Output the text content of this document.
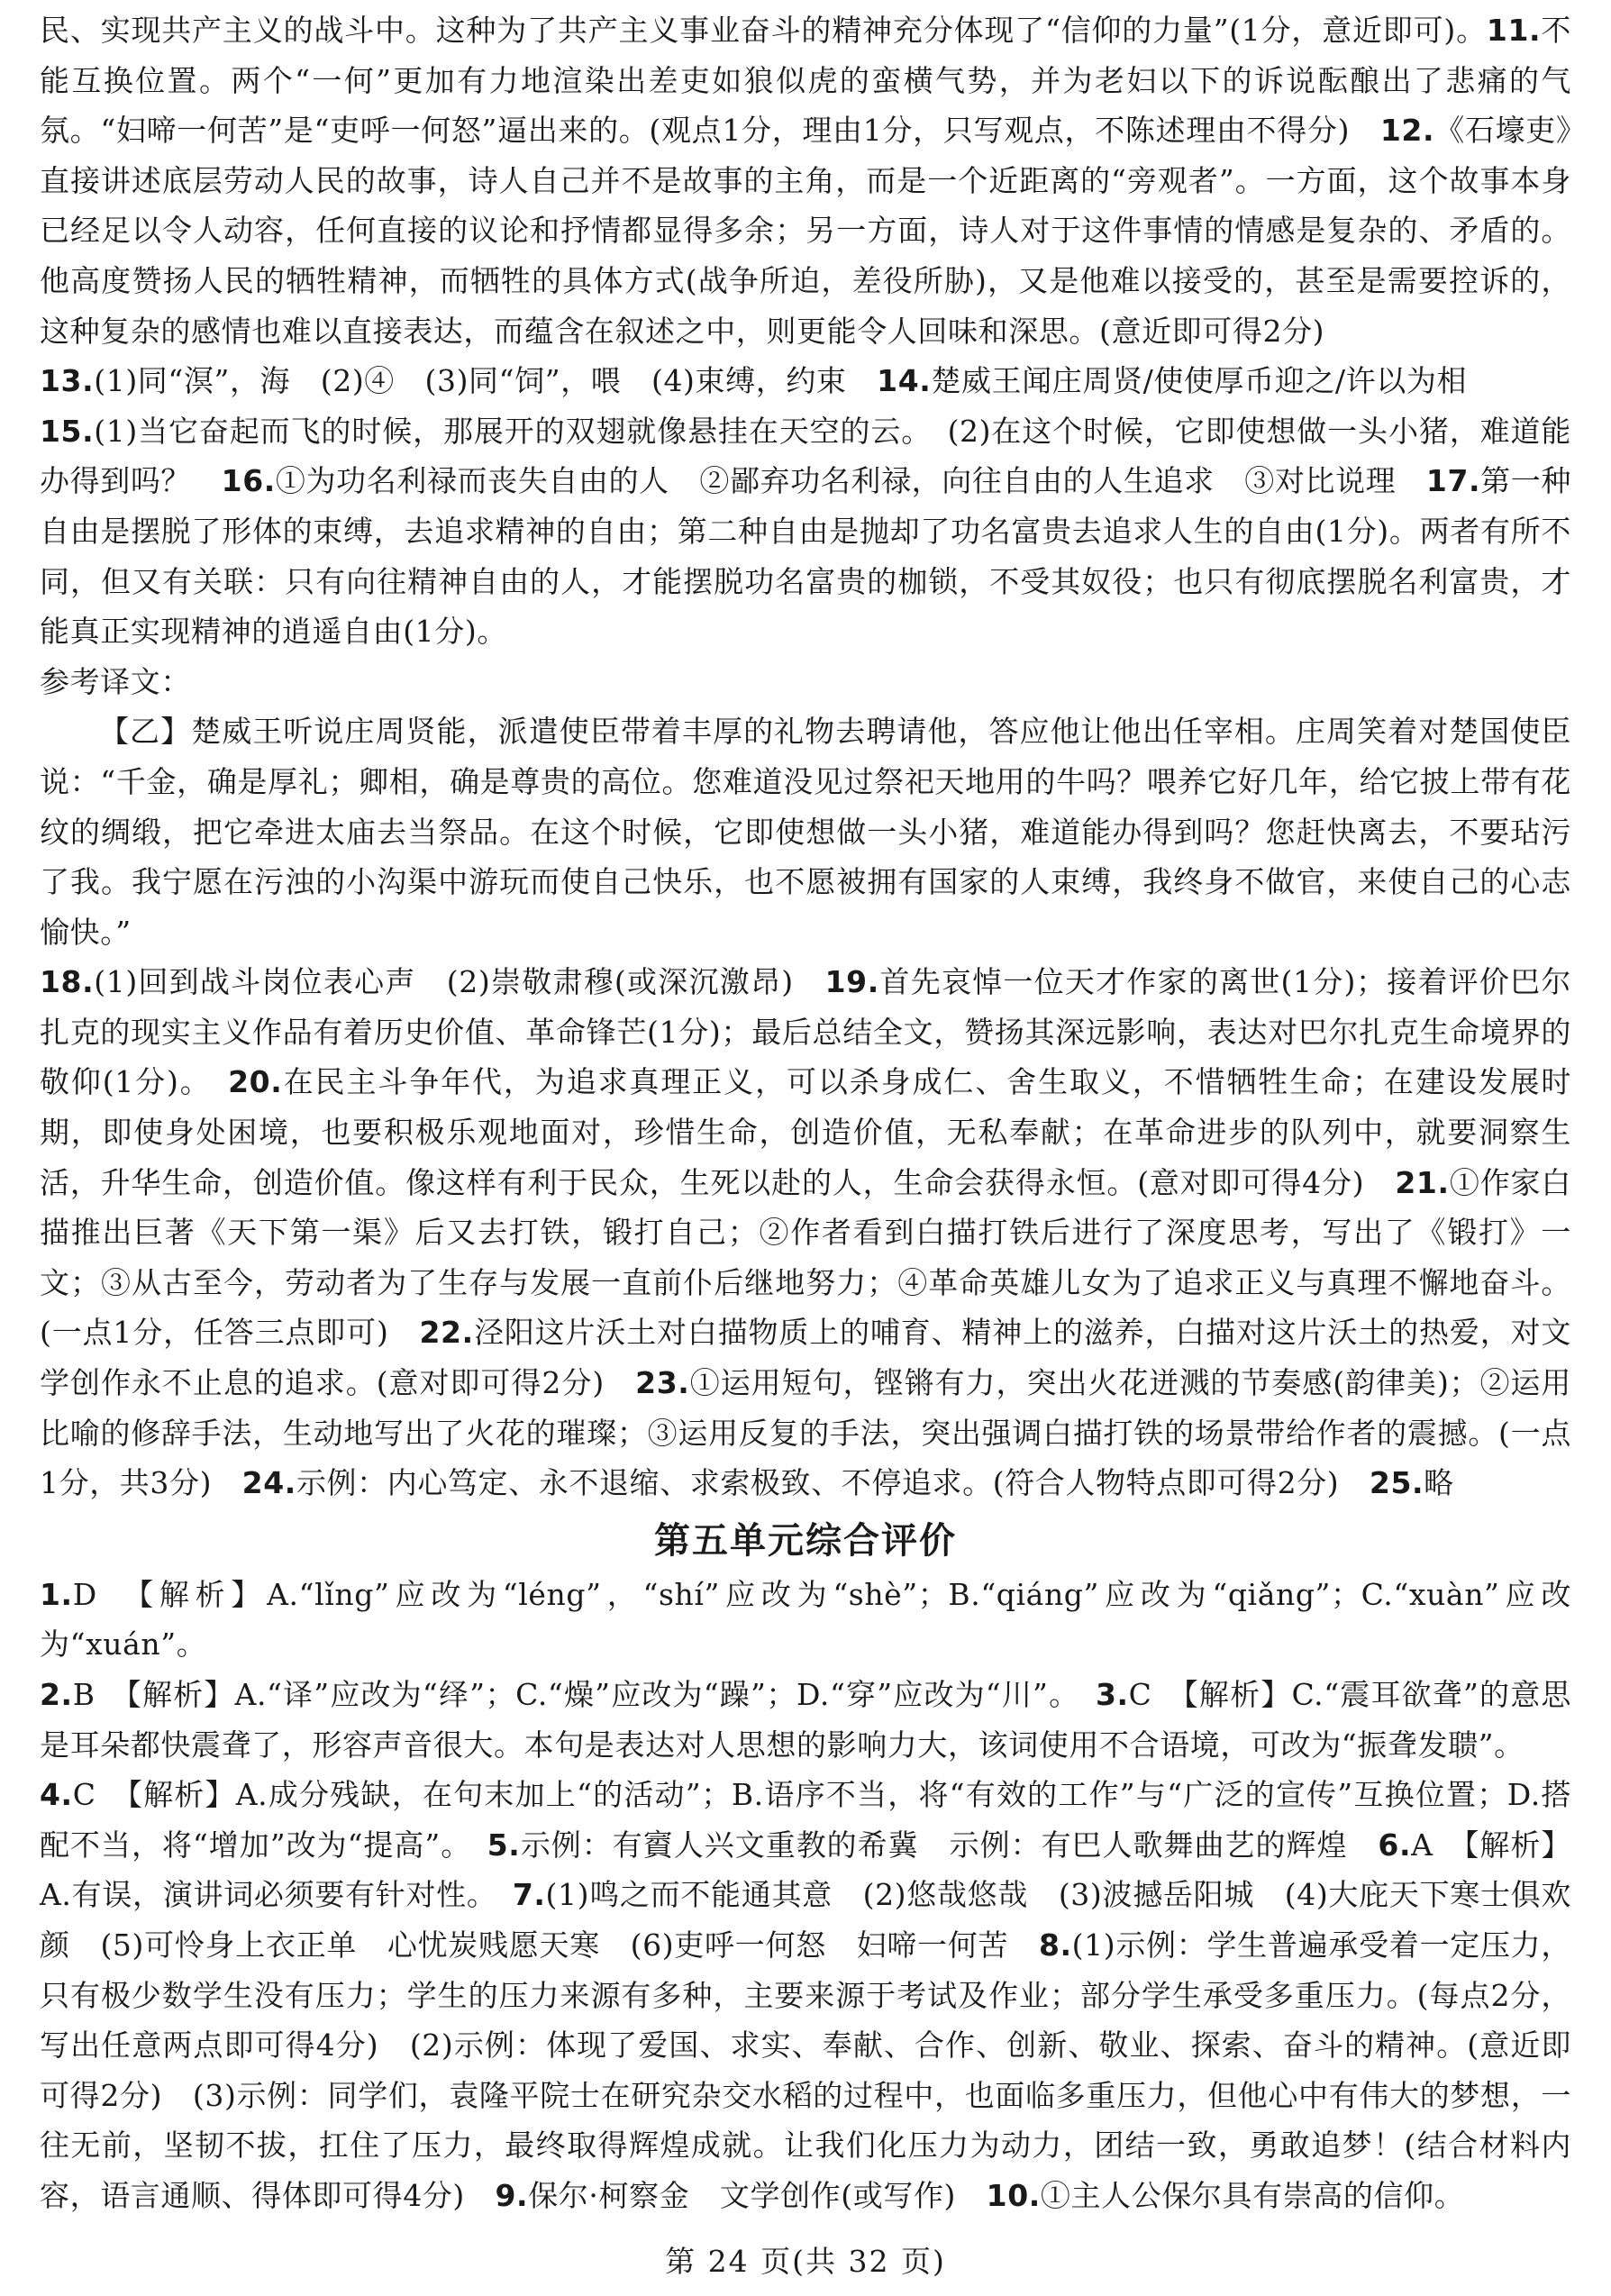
民、实现共产主义的战斗中。这种为了共产主义事业奋斗的精神充分体现了“信仰的力量”(1分，意近即可)。11.不能互换位置。两个“一何”更加有力地渲染出差吏如狼似虎的蛮横气势，并为老妇以下的诉说酝酿出了悲痛的气氛。“妇啼一何苦”是“吏呼一何怒”逼出来的。(观点1分，理由1分，只写观点，不陈述理由不得分)　12.《石壕吏》直接讲述底层劳动人民的故事，诗人自己并不是故事的主角，而是一个近距离的“旁观者”。一方面，这个故事本身已经足以令人动容，任何直接的议论和抒情都显得多余；另一方面，诗人对于这件事情的情感是复杂的、矛盾的。他高度赞扬人民的牺牲精神，而牺牲的具体方式(战争所迫，差役所胁)，又是他难以接受的，甚至是需要控诉的，这种复杂的感情也难以直接表达，而蕴含在叙述之中，则更能令人回味和深思。(意近即可得2分)

13.(1)同“溟”，海　(2)④　(3)同“饲”，喂　(4)束缚，约束　14.楚威王闻庄周贤/使使厚币迎之/许以为相

15.(1)当它奋起而飞的时候，那展开的双翅就像悬挂在天空的云。　(2)在这个时候，它即使想做一头小猪，难道能办得到吗？　16.①为功名利禄而丧失自由的人　②鄙弃功名利禄，向往自由的人生追求　③对比说理　17.第一种自由是摆脱了形体的束缚，去追求精神的自由；第二种自由是抛却了功名富贵去追求人生的自由(1分)。两者有所不同，但又有关联：只有向往精神自由的人，才能摆脱功名富贵的枷锁，不受其奴役；也只有彻底摆脱名利富贵，才能真正实现精神的逍遥自由(1分)。

参考译文：

【乙】楚威王听说庄周贤能，派遣使臣带着丰厚的礼物去聘请他，答应他让他出任宰相。庄周笑着对楚国使臣说：“千金，确是厚礼；卿相，确是尊贵的高位。您难道没见过祭祀天地用的牛吗？喂养它好几年，给它披上带有花纹的绸缎，把它牵进太庙去当祭品。在这个时候，它即使想做一头小猪，难道能办得到吗？您赶快离去，不要玷污了我。我宁愿在污浊的小沟渠中游玩而使自己快乐，也不愿被拥有国家的人束缚，我终身不做官，来使自己的心志愉快。”

18.(1)回到战斗岗位表心声　(2)崇敬肃穆(或深沉激昂)　19.首先哀悼一位天才作家的离世(1分)；接着评价巴尔扎克的现实主义作品有着历史价值、革命锋芒(1分)；最后总结全文，赞扬其深远影响，表达对巴尔扎克生命境界的敬仰(1分)。　20.在民主斗争年代，为追求真理正义，可以杀身成仁、舍生取义，不惜牺牲生命；在建设发展时期，即使身处困境，也要积极乐观地面对，珍惜生命，创造价值，无私奉献；在革命进步的队列中，就要洞察生活，升华生命，创造价值。像这样有利于民众，生死以赴的人，生命会获得永恒。(意对即可得4分)　21.①作家白描推出巨著《天下第一渠》后又去打铁，锻打自己；②作者看到白描打铁后进行了深度思考，写出了《锻打》一文；③从古至今，劳动者为了生存与发展一直前仆后继地努力；④革命英雄儿女为了追求正义与真理不懈地奋斗。(一点1分，任答三点即可)　22.泾阳这片沃土对白描物质上的哺育、精神上的滋养，白描对这片沃土的热爱，对文学创作永不止息的追求。(意对即可得2分)　23.①运用短句，铿锵有力，突出火花迸溅的节奏感(韵律美)；②运用比喻的修辞手法，生动地写出了火花的璀璨；③运用反复的手法，突出强调白描打铁的场景带给作者的震撼。(一点1分，共3分)　24.示例：内心笃定、永不退缩、求索极致、不停追求。(符合人物特点即可得2分)　25.略

第五单元综合评价

1.D　【解析】A.“lǐng”应改为“léng”，“shí”应改为“shè”；B.“qiáng”应改为“qiǎng”；C.“xuàn”应改为“xuán”。

2.B　【解析】A.“译”应改为“绎”；C.“燥”应改为“躁”；D.“穿”应改为“川”。　3.C　【解析】C.“震耳欲聋”的意思是耳朵都快震聋了，形容声音很大。本句是表达对人思想的影响力大，该词使用不合语境，可改为“振聋发聩”。

4.C　【解析】A.成分残缺，在句末加上“的活动”；B.语序不当，将“有效的工作”与“广泛的宣传”互换位置；D.搭配不当，将“增加”改为“提高”。　5.示例：有賨人兴文重教的希冀　示例：有巴人歌舞曲艺的辉煌　6.A　【解析】A.有误，演讲词必须要有针对性。　7.(1)鸣之而不能通其意　(2)悠哉悠哉　(3)波撼岳阳城　(4)大庇天下寒士俱欢颜　(5)可怜身上衣正单　心忧炭贱愿天寒　(6)吏呼一何怒　妇啼一何苦　8.(1)示例：学生普遍承受着一定压力，只有极少数学生没有压力；学生的压力来源有多种，主要来源于考试及作业；部分学生承受多重压力。(每点2分，写出任意两点即可得4分)　(2)示例：体现了爱国、求实、奉献、合作、创新、敬业、探索、奋斗的精神。(意近即可得2分)　(3)示例：同学们，袁隆平院士在研究杂交水稻的过程中，也面临多重压力，但他心中有伟大的梦想，一往无前，坚韧不拔，扛住了压力，最终取得辉煌成就。让我们化压力为动力，团结一致，勇敢追梦！(结合材料内容，语言通顺、得体即可得4分)　9.保尔·柯察金　文学创作(或写作)　10.①主人公保尔具有崇高的信仰。

第 24 页(共 32 页)
